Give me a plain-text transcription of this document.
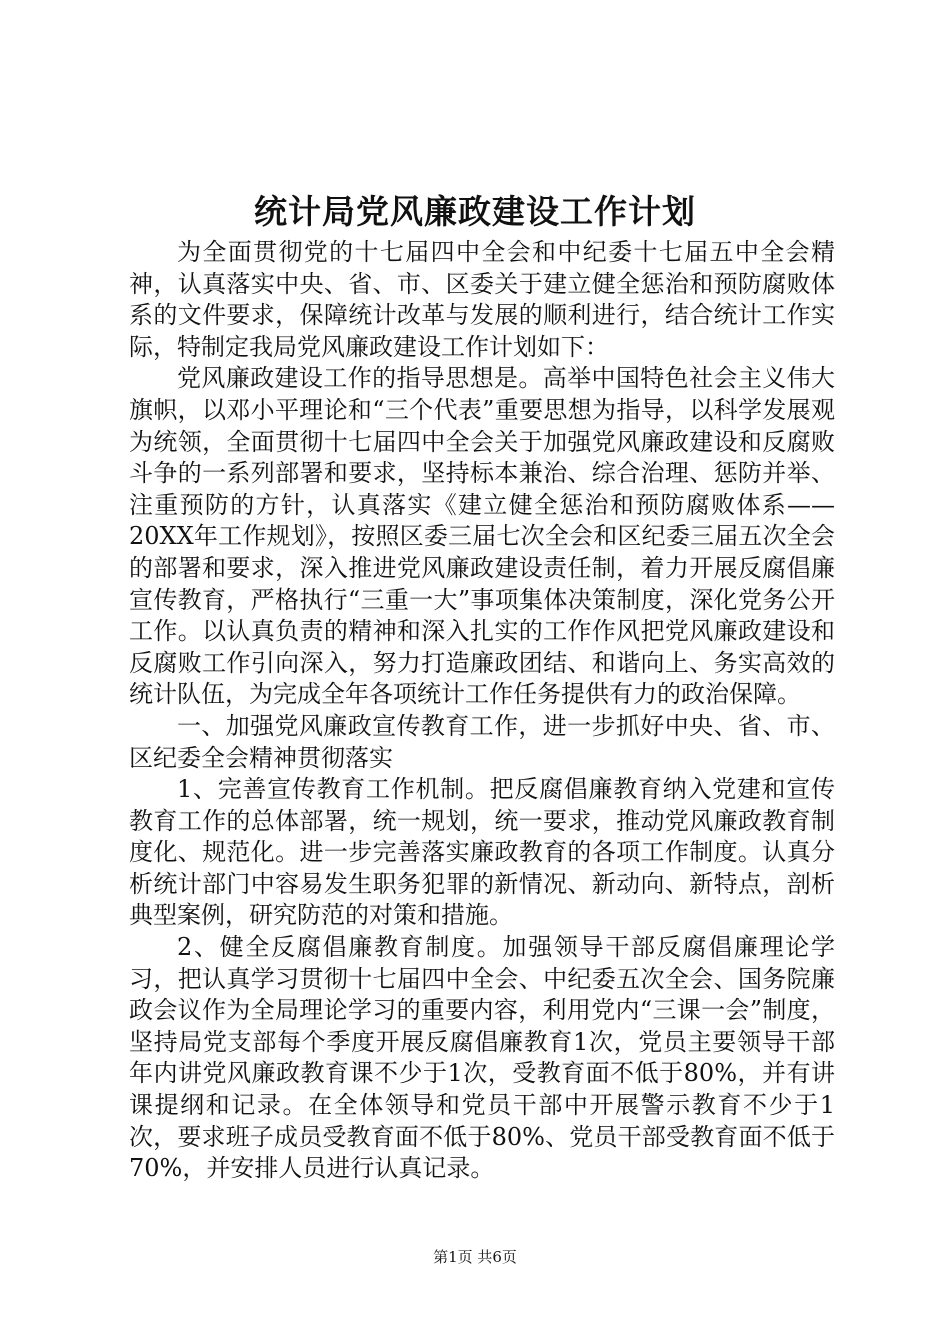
统计局党风廉政建设工作计划

为全面贯彻党的十七届四中全会和中纪委十七届五中全会精神，认真落实中央、省、市、区委关于建立健全惩治和预防腐败体系的文件要求，保障统计改革与发展的顺利进行，结合统计工作实际，特制定我局党风廉政建设工作计划如下：

党风廉政建设工作的指导思想是。高举中国特色社会主义伟大旗帜，以邓小平理论和“三个代表”重要思想为指导，以科学发展观为统领，全面贯彻十七届四中全会关于加强党风廉政建设和反腐败斗争的一系列部署和要求，坚持标本兼治、综合治理、惩防并举、注重预防的方针，认真落实《建立健全惩治和预防腐败体系——20XX年工作规划》，按照区委三届七次全会和区纪委三届五次全会的部署和要求，深入推进党风廉政建设责任制，着力开展反腐倡廉宣传教育，严格执行“三重一大”事项集体决策制度，深化党务公开工作。以认真负责的精神和深入扎实的工作作风把党风廉政建设和反腐败工作引向深入，努力打造廉政团结、和谐向上、务实高效的统计队伍，为完成全年各项统计工作任务提供有力的政治保障。

一、加强党风廉政宣传教育工作，进一步抓好中央、省、市、区纪委全会精神贯彻落实

1、完善宣传教育工作机制。把反腐倡廉教育纳入党建和宣传教育工作的总体部署，统一规划，统一要求，推动党风廉政教育制度化、规范化。进一步完善落实廉政教育的各项工作制度。认真分析统计部门中容易发生职务犯罪的新情况、新动向、新特点，剖析典型案例，研究防范的对策和措施。

2、健全反腐倡廉教育制度。加强领导干部反腐倡廉理论学习，把认真学习贯彻十七届四中全会、中纪委五次全会、国务院廉政会议作为全局理论学习的重要内容，利用党内“三课一会”制度，坚持局党支部每个季度开展反腐倡廉教育1次，党员主要领导干部年内讲党风廉政教育课不少于1次，受教育面不低于80%，并有讲课提纲和记录。在全体领导和党员干部中开展警示教育不少于1次，要求班子成员受教育面不低于80%、党员干部受教育面不低于70%，并安排人员进行认真记录。

第1页 共6页
